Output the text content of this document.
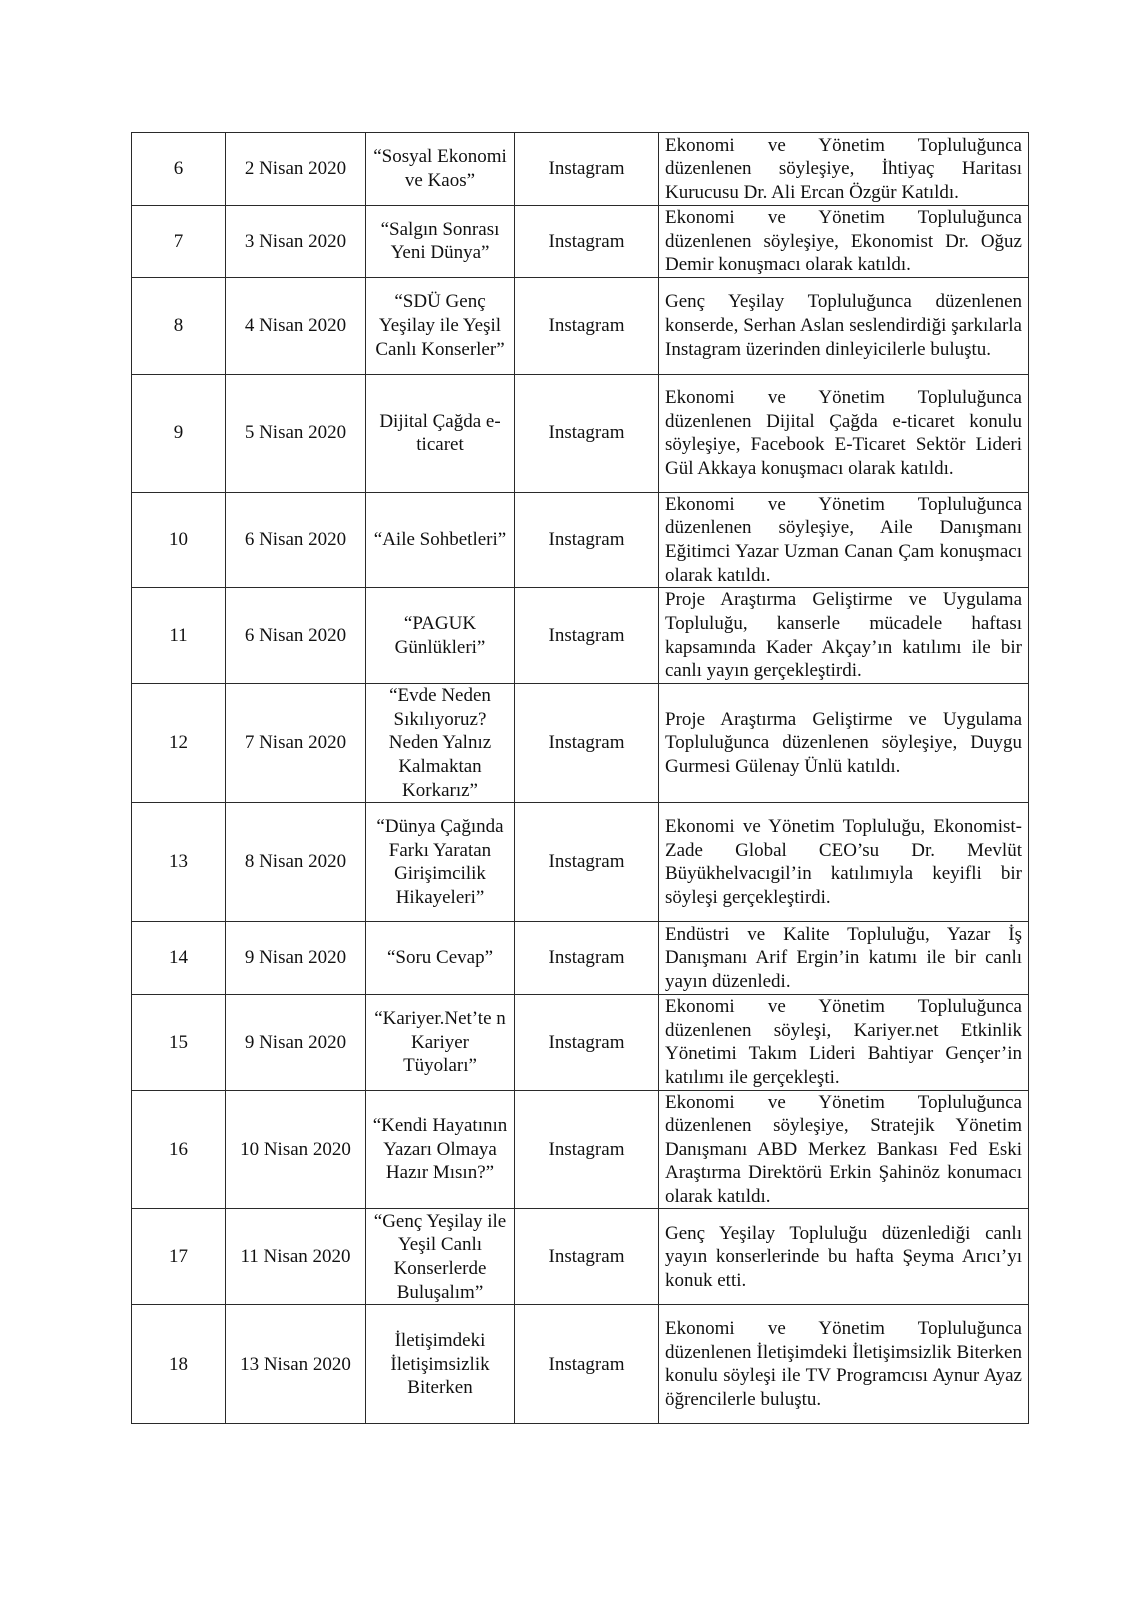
6	2 Nisan 2020	“Sosyal Ekonomi ve Kaos”	Instagram	Ekonomi ve Yönetim Topluluğunca düzenlenen söyleşiye, İhtiyaç Haritası Kurucusu Dr. Ali Ercan Özgür Katıldı.
7	3 Nisan 2020	“Salgın Sonrası Yeni Dünya”	Instagram	Ekonomi ve Yönetim Topluluğunca düzenlenen söyleşiye, Ekonomist Dr. Oğuz Demir konuşmacı olarak katıldı.
8	4 Nisan 2020	“SDÜ Genç Yeşilay ile Yeşil Canlı Konserler”	Instagram	Genç Yeşilay Topluluğunca düzenlenen konserde, Serhan Aslan seslendirdiği şarkılarla Instagram üzerinden dinleyicilerle buluştu.
9	5 Nisan 2020	Dijital Çağda e-ticaret	Instagram	Ekonomi ve Yönetim Topluluğunca düzenlenen Dijital Çağda e-ticaret konulu söyleşiye, Facebook E-Ticaret Sektör Lideri Gül Akkaya konuşmacı olarak katıldı.
10	6 Nisan 2020	“Aile Sohbetleri”	Instagram	Ekonomi ve Yönetim Topluluğunca düzenlenen söyleşiye, Aile Danışmanı Eğitimci Yazar Uzman Canan Çam konuşmacı olarak katıldı.
11	6 Nisan 2020	“PAGUK Günlükleri”	Instagram	Proje Araştırma Geliştirme ve Uygulama Topluluğu, kanserle mücadele haftası kapsamında Kader Akçay’ın katılımı ile bir canlı yayın gerçekleştirdi.
12	7 Nisan 2020	“Evde Neden Sıkılıyoruz? Neden Yalnız Kalmaktan Korkarız”	Instagram	Proje Araştırma Geliştirme ve Uygulama Topluluğunca düzenlenen söyleşiye, Duygu Gurmesi Gülenay Ünlü katıldı.
13	8 Nisan 2020	“Dünya Çağında Farkı Yaratan Girişimcilik Hikayeleri”	Instagram	Ekonomi ve Yönetim Topluluğu, Ekonomist- Zade Global CEO’su Dr. Mevlüt Büyükhelvacıgil’in katılımıyla keyifli bir söyleşi gerçekleştirdi.
14	9 Nisan 2020	“Soru Cevap”	Instagram	Endüstri ve Kalite Topluluğu, Yazar İş Danışmanı Arif Ergin’in katımı ile bir canlı yayın düzenledi.
15	9 Nisan 2020	“Kariyer.Net’te n Kariyer Tüyoları”	Instagram	Ekonomi ve Yönetim Topluluğunca düzenlenen söyleşi, Kariyer.net Etkinlik Yönetimi Takım Lideri Bahtiyar Gençer’in katılımı ile gerçekleşti.
16	10 Nisan 2020	“Kendi Hayatının Yazarı Olmaya Hazır Mısın?”	Instagram	Ekonomi ve Yönetim Topluluğunca düzenlenen söyleşiye, Stratejik Yönetim Danışmanı ABD Merkez Bankası Fed Eski Araştırma Direktörü Erkin Şahinöz konumacı olarak katıldı.
17	11 Nisan 2020	“Genç Yeşilay ile Yeşil Canlı Konserlerde Buluşalım”	Instagram	Genç Yeşilay Topluluğu düzenlediği canlı yayın konserlerinde bu hafta Şeyma Arıcı’yı konuk etti.
18	13 Nisan 2020	İletişimdeki İletişimsizlik Biterken	Instagram	Ekonomi ve Yönetim Topluluğunca düzenlenen İletişimdeki İletişimsizlik Biterken konulu söyleşi ile TV Programcısı Aynur Ayaz öğrencilerle buluştu.
